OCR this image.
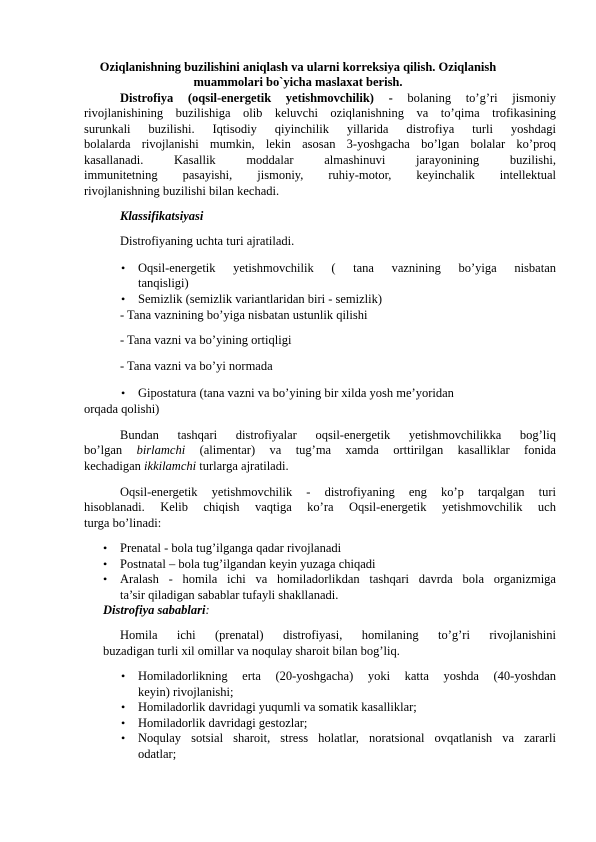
Oziqlanishning buzilishini aniqlash va ularni korreksiya qilish. Oziqlanish
muammolari bo`yicha maslaxat berish.
Distrofiya (oqsil-energetik yetishmovchilik) - bolaning to’g’ri jismoniy
rivojlanishining buzilishiga olib keluvchi oziqlanishning va to’qima trofikasining
surunkali buzilishi. Iqtisodiy qiyinchilik yillarida distrofiya turli yoshdagi
bolalarda rivojlanishi mumkin, lekin asosan 3-yoshgacha bo’lgan bolalar ko’proq
kasallanadi. Kasallik moddalar almashinuvi jarayonining buzilishi,
immunitetning pasayishi, jismoniy, ruhiy-motor, keyinchalik intellektual
rivojlanishning buzilishi bilan kechadi.
Klassifikatsiyasi
Distrofiyaning uchta turi ajratiladi.
• Oqsil-energetik yetishmovchilik ( tana vaznining bo’yiga nisbatan
tanqisligi)
• Semizlik (semizlik variantlaridan biri - semizlik)
- Tana vaznining bo’yiga nisbatan ustunlik qilishi
- Tana vazni va bo’yining ortiqligi
- Tana vazni va bo’yi normada
• Gipostatura (tana vazni va bo’yining bir xilda yosh me’yoridan
orqada qolishi)
Bundan tashqari distrofiyalar oqsil-energetik yetishmovchilikka bog’liq
bo’lgan birlamchi (alimentar) va tug’ma xamda orttirilgan kasalliklar fonida
kechadigan ikkilamchi turlarga ajratiladi.
Oqsil-energetik yetishmovchilik - distrofiyaning eng ko’p tarqalgan turi
hisoblanadi. Kelib chiqish vaqtiga ko’ra Oqsil-energetik yetishmovchilik uch
turga bo’linadi:
• Prenatal - bola tug’ilganga qadar rivojlanadi
• Postnatal – bola tug’ilgandan keyin yuzaga chiqadi
• Aralash - homila ichi va homiladorlikdan tashqari davrda bola organizmiga
ta’sir qiladigan sabablar tufayli shakllanadi.
Distrofiya sabablari:
Homila ichi (prenatal) distrofiyasi, homilaning to’g’ri rivojlanishini
buzadigan turli xil omillar va noqulay sharoit bilan bog’liq.
• Homiladorlikning erta (20-yoshgacha) yoki katta yoshda (40-yoshdan
keyin) rivojlanishi;
• Homiladorlik davridagi yuqumli va somatik kasalliklar;
• Homiladorlik davridagi gestozlar;
• Noqulay sotsial sharoit, stress holatlar, noratsional ovqatlanish va zararli
odatlar;
